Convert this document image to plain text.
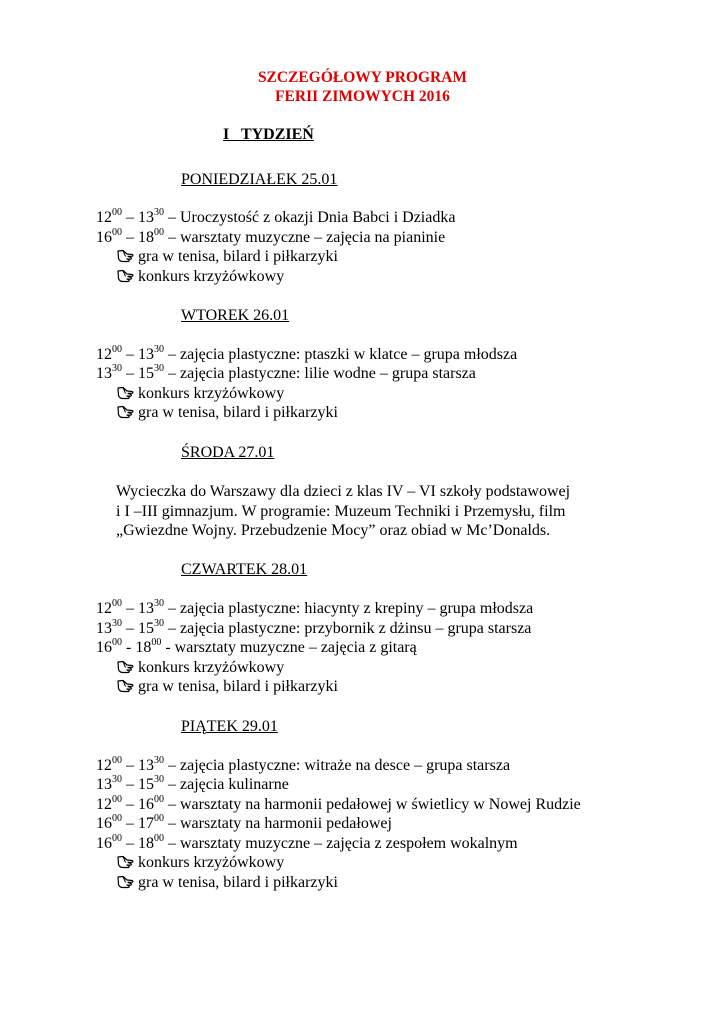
SZCZEGÓŁOWY PROGRAM
FERII ZIMOWYCH 2016
I   TYDZIEŃ
PONIEDZIAŁEK 25.01
$12^{00} - 13^{30}$ – Uroczystość z okazji Dnia Babci i Dziadka
$16^{00} - 18^{00}$ – warsztaty muzyczne – zajęcia na pianinie
gra w tenisa, bilard i piłkarzyki
konkurs krzyżówkowy
WTOREK 26.01
$12^{00} - 13^{30}$ – zajęcia plastyczne: ptaszki w klatce – grupa młodsza
$13^{30} - 15^{30}$ – zajęcia plastyczne: lilie wodne – grupa starsza
konkurs krzyżówkowy
gra w tenisa, bilard i piłkarzyki
ŚRODA 27.01
Wycieczka do Warszawy dla dzieci z klas IV – VI szkoły podstawowej
i I –III gimnazjum. W programie: Muzeum Techniki i Przemysłu, film
„Gwiezdne Wojny. Przebudzenie Mocy” oraz obiad w Mc’Donalds.
CZWARTEK 28.01
$12^{00} - 13^{30}$ – zajęcia plastyczne: hiacynty z krepiny – grupa młodsza
$13^{30} - 15^{30}$ – zajęcia plastyczne: przybornik z dżinsu – grupa starsza
$16^{00} - 18^{00}$ - warsztaty muzyczne – zajęcia z gitarą
konkurs krzyżówkowy
gra w tenisa, bilard i piłkarzyki
PIĄTEK 29.01
$12^{00} - 13^{30}$ – zajęcia plastyczne: witraże na desce – grupa starsza
$13^{30} - 15^{30}$ – zajęcia kulinarne
$12^{00} - 16^{00}$ – warsztaty na harmonii pedałowej w świetlicy w Nowej Rudzie
$16^{00} - 17^{00}$ – warsztaty na harmonii pedałowej
$16^{00} - 18^{00}$ – warsztaty muzyczne – zajęcia z zespołem wokalnym
konkurs krzyżówkowy
gra w tenisa, bilard i piłkarzyki
